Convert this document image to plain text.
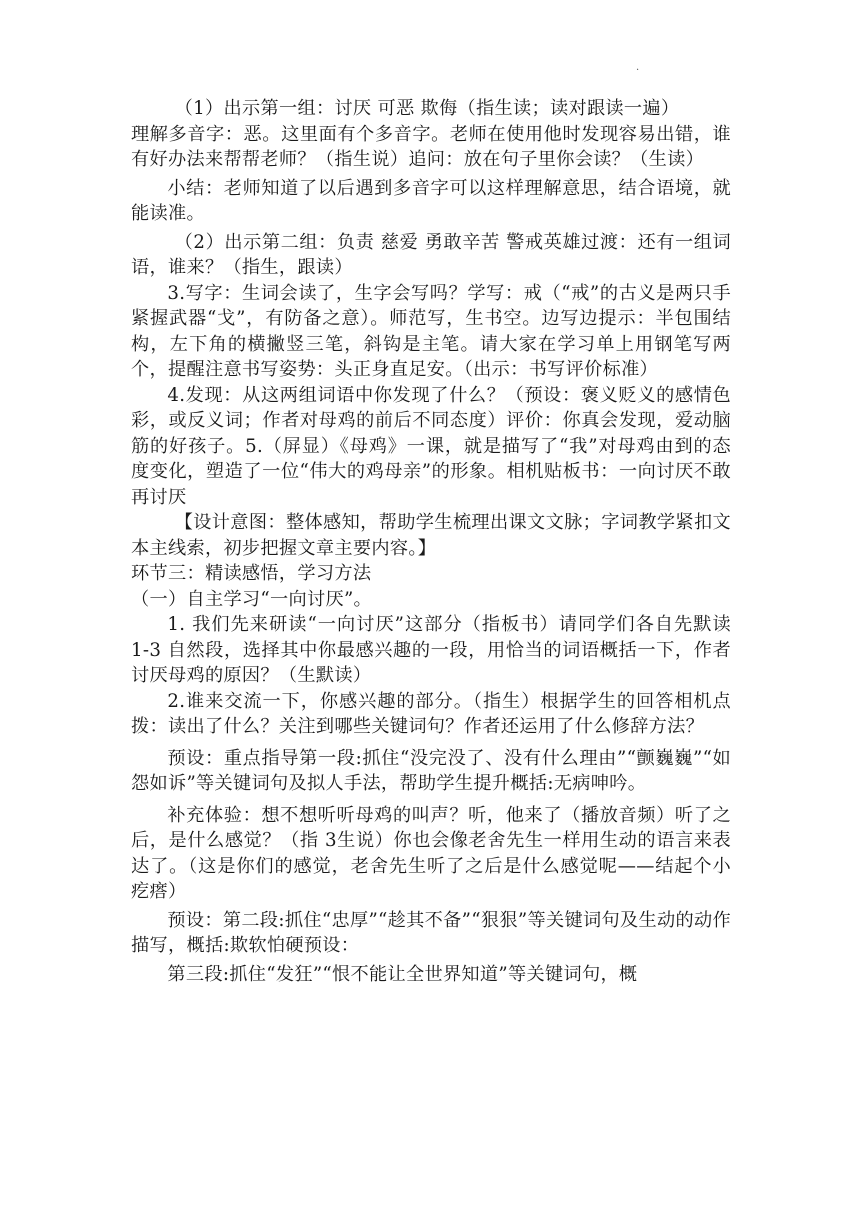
.

（1）出示第一组：讨厌 可恶 欺侮（指生读；读对跟读一遍）

理解多音字：恶。这里面有个多音字。老师在使用他时发现容易出错，谁有好办法来帮帮老师？（指生说）追问：放在句子里你会读？（生读）

小结：老师知道了以后遇到多音字可以这样理解意思，结合语境，就能读准。

（2）出示第二组：负责 慈爱 勇敢辛苦 警戒英雄过渡：还有一组词语，谁来？（指生，跟读）

3.写字：生词会读了，生字会写吗？学写：戒（“戒”的古义是两只手紧握武器“戈”，有防备之意）。师范写，生书空。边写边提示：半包围结构，左下角的横撇竖三笔，斜钩是主笔。请大家在学习单上用钢笔写两个，提醒注意书写姿势：头正身直足安。（出示：书写评价标准）

4.发现：从这两组词语中你发现了什么？（预设：褒义贬义的感情色彩，或反义词；作者对母鸡的前后不同态度）评价：你真会发现，爱动脑筋的好孩子。5.（屏显）《母鸡》一课，就是描写了“我”对母鸡由到的态度变化，塑造了一位“伟大的鸡母亲”的形象。相机贴板书：一向讨厌不敢再讨厌

【设计意图：整体感知，帮助学生梳理出课文文脉；字词教学紧扣文本主线索，初步把握文章主要内容。】

环节三：精读感悟，学习方法

（一）自主学习“一向讨厌”。

1. 我们先来研读“一向讨厌”这部分（指板书）请同学们各自先默读 1-3 自然段，选择其中你最感兴趣的一段，用恰当的词语概括一下，作者讨厌母鸡的原因？（生默读）

2.谁来交流一下，你感兴趣的部分。（指生）根据学生的回答相机点拨：读出了什么？关注到哪些关键词句？作者还运用了什么修辞方法？

预设：重点指导第一段:抓住“没完没了、没有什么理由”“颤巍巍”“如怨如诉”等关键词句及拟人手法，帮助学生提升概括:无病呻吟。

补充体验：想不想听听母鸡的叫声？听，他来了（播放音频）听了之后，是什么感觉？（指 3生说）你也会像老舍先生一样用生动的语言来表达了。（这是你们的感觉，老舍先生听了之后是什么感觉呢——结起个小疙瘩）

预设：第二段:抓住“忠厚”“趁其不备”“狠狠”等关键词句及生动的动作描写，概括:欺软怕硬预设：

第三段:抓住“发狂”“恨不能让全世界知道”等关键词句，概
